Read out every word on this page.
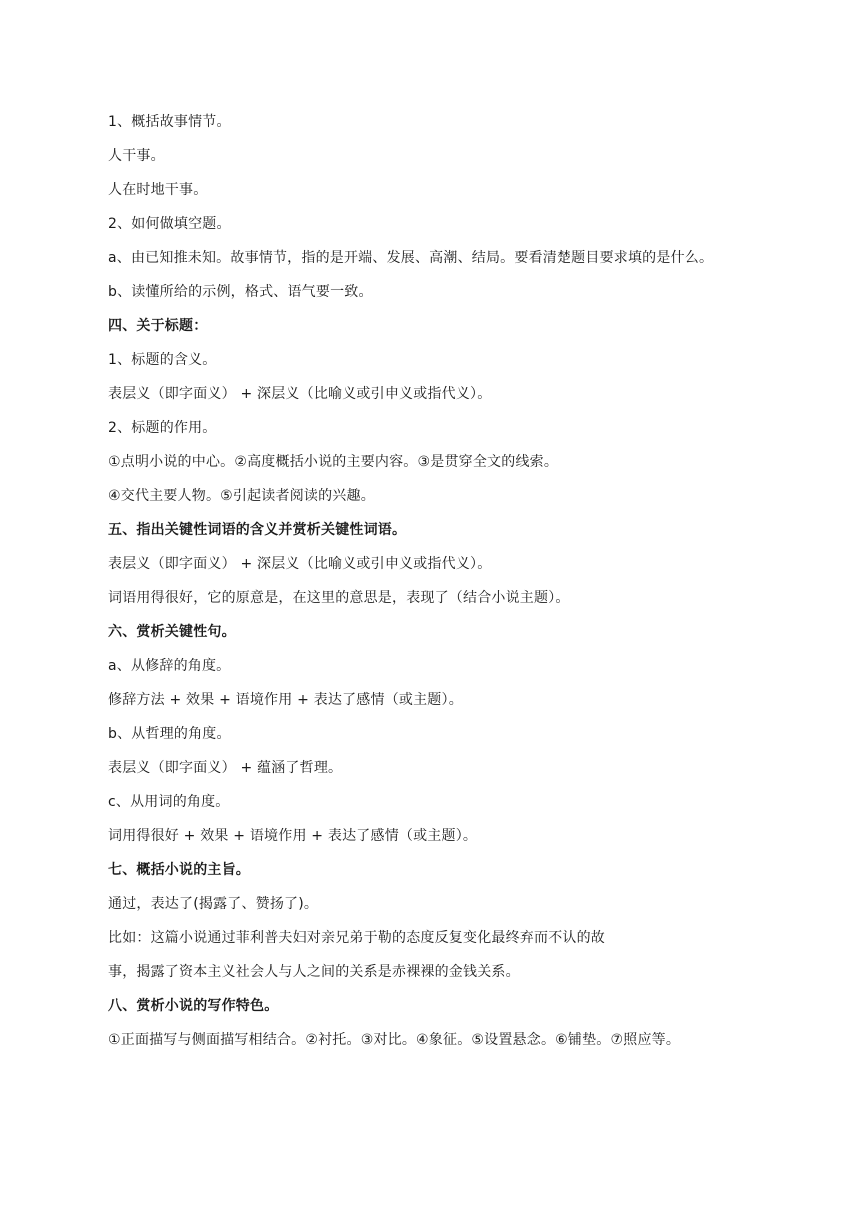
1、概括故事情节。
人干事。
人在时地干事。
2、如何做填空题。
a、由已知推未知。故事情节，指的是开端、发展、高潮、结局。要看清楚题目要求填的是什么。
b、读懂所给的示例，格式、语气要一致。
四、关于标题：
1、标题的含义。
表层义（即字面义） + 深层义（比喻义或引申义或指代义）。
2、标题的作用。
①点明小说的中心。②高度概括小说的主要内容。③是贯穿全文的线索。
④交代主要人物。⑤引起读者阅读的兴趣。
五、指出关键性词语的含义并赏析关键性词语。
表层义（即字面义） + 深层义（比喻义或引申义或指代义）。
词语用得很好，它的原意是，在这里的意思是，表现了（结合小说主题）。
六、赏析关键性句。
a、从修辞的角度。
修辞方法 + 效果 + 语境作用 + 表达了感情（或主题）。
b、从哲理的角度。
表层义（即字面义） + 蕴涵了哲理。
c、从用词的角度。
词用得很好 + 效果 + 语境作用 + 表达了感情（或主题）。
七、概括小说的主旨。
通过，表达了(揭露了、赞扬了)。
比如：这篇小说通过菲利普夫妇对亲兄弟于勒的态度反复变化最终弃而不认的故
事，揭露了资本主义社会人与人之间的关系是赤裸裸的金钱关系。
八、赏析小说的写作特色。
①正面描写与侧面描写相结合。②衬托。③对比。④象征。⑤设置悬念。⑥铺垫。⑦照应等。
